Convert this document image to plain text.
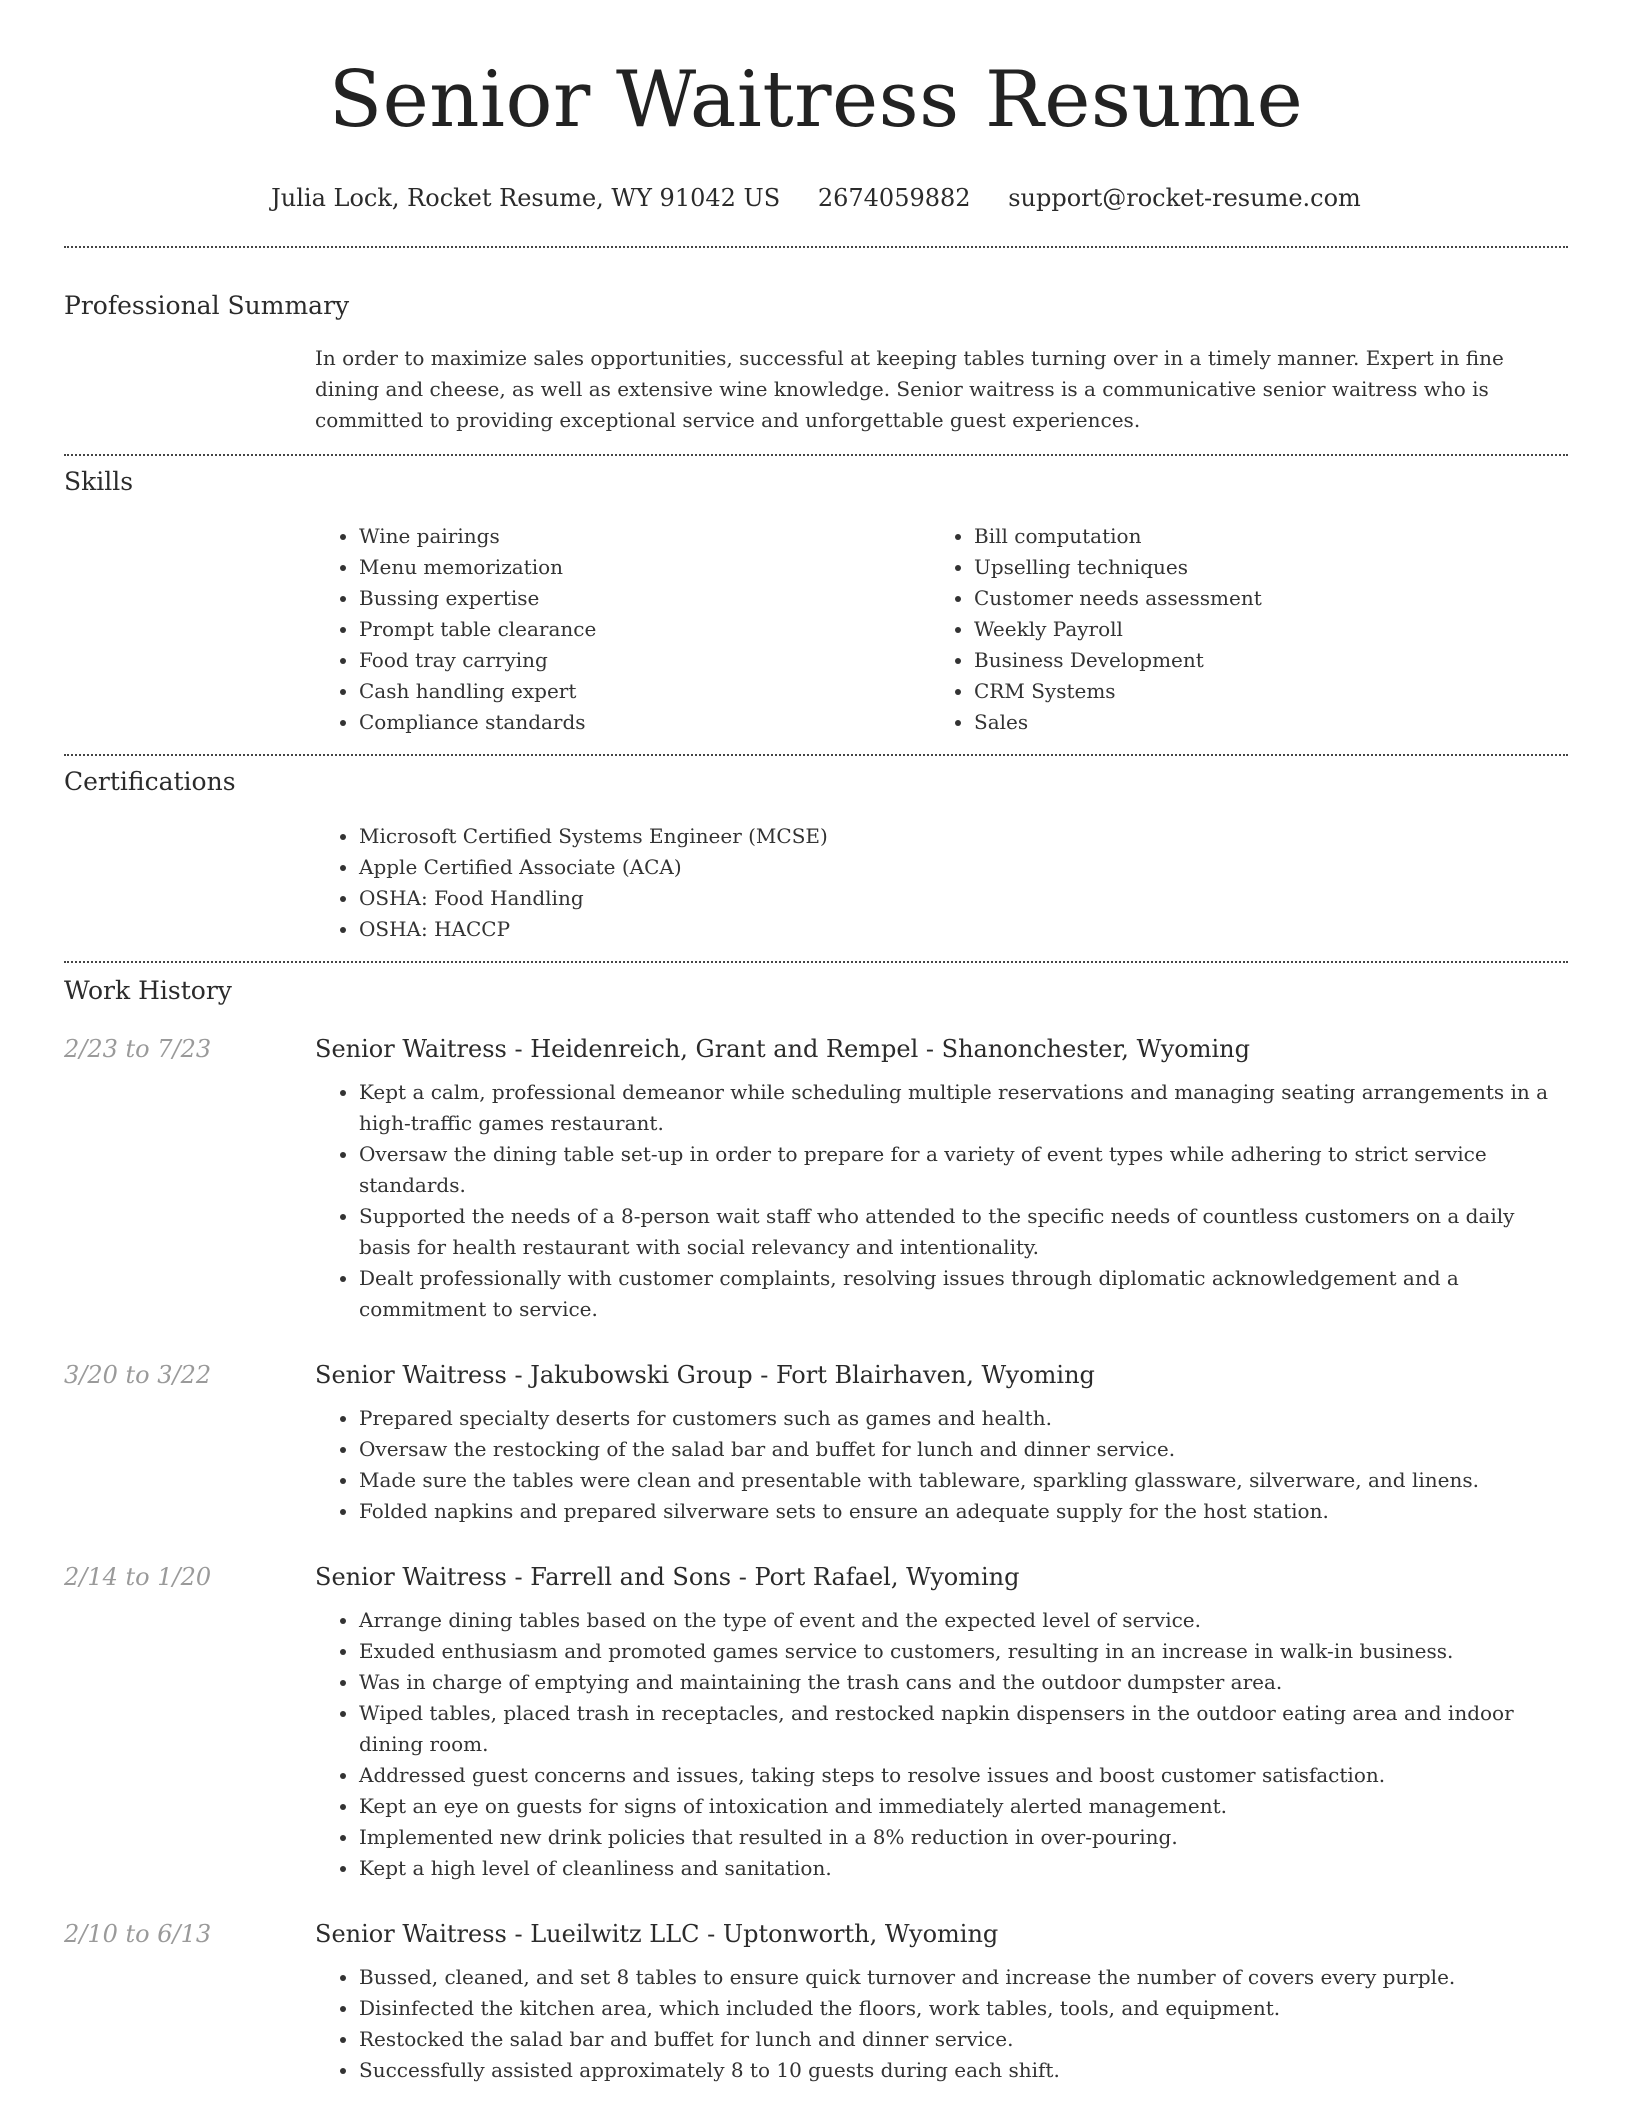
Senior Waitress Resume
Julia Lock, Rocket Resume, WY 91042 US 2674059882 support@rocket-resume.com
Professional Summary

In order to maximize sales opportunities, successful at keeping tables turning over in a timely manner. Expert in fine dining and cheese, as well as extensive wine knowledge. Senior waitress is a communicative senior waitress who is committed to providing exceptional service and unforgettable guest experiences.

Skills
• Wine pairings
• Menu memorization
• Bussing expertise
• Prompt table clearance
• Food tray carrying
• Cash handling expert
• Compliance standards
• Bill computation
• Upselling techniques
• Customer needs assessment
• Weekly Payroll
• Business Development
• CRM Systems
• Sales
Certifications
• Microsoft Certified Systems Engineer (MCSE)
• Apple Certified Associate (ACA)
• OSHA: Food Handling
• OSHA: HACCP
Work History
2/23 to 7/23	Senior Waitress - Heidenreich, Grant and Rempel - Shanonchester, Wyoming
• Kept a calm, professional demeanor while scheduling multiple reservations and managing seating arrangements in a high-traffic games restaurant.
• Oversaw the dining table set-up in order to prepare for a variety of event types while adhering to strict service standards.
• Supported the needs of a 8-person wait staff who attended to the specific needs of countless customers on a daily basis for health restaurant with social relevancy and intentionality.
• Dealt professionally with customer complaints, resolving issues through diplomatic acknowledgement and a commitment to service.
3/20 to 3/22	Senior Waitress - Jakubowski Group - Fort Blairhaven, Wyoming
• Prepared specialty deserts for customers such as games and health.
• Oversaw the restocking of the salad bar and buffet for lunch and dinner service.
• Made sure the tables were clean and presentable with tableware, sparkling glassware, silverware, and linens.
• Folded napkins and prepared silverware sets to ensure an adequate supply for the host station.
2/14 to 1/20	Senior Waitress - Farrell and Sons - Port Rafael, Wyoming
• Arrange dining tables based on the type of event and the expected level of service.
• Exuded enthusiasm and promoted games service to customers, resulting in an increase in walk-in business.
• Was in charge of emptying and maintaining the trash cans and the outdoor dumpster area.
• Wiped tables, placed trash in receptacles, and restocked napkin dispensers in the outdoor eating area and indoor dining room.
• Addressed guest concerns and issues, taking steps to resolve issues and boost customer satisfaction.
• Kept an eye on guests for signs of intoxication and immediately alerted management.
• Implemented new drink policies that resulted in a 8% reduction in over-pouring.
• Kept a high level of cleanliness and sanitation.
2/10 to 6/13	Senior Waitress - Lueilwitz LLC - Uptonworth, Wyoming
• Bussed, cleaned, and set 8 tables to ensure quick turnover and increase the number of covers every purple.
• Disinfected the kitchen area, which included the floors, work tables, tools, and equipment.
• Restocked the salad bar and buffet for lunch and dinner service.
• Successfully assisted approximately 8 to 10 guests during each shift.
